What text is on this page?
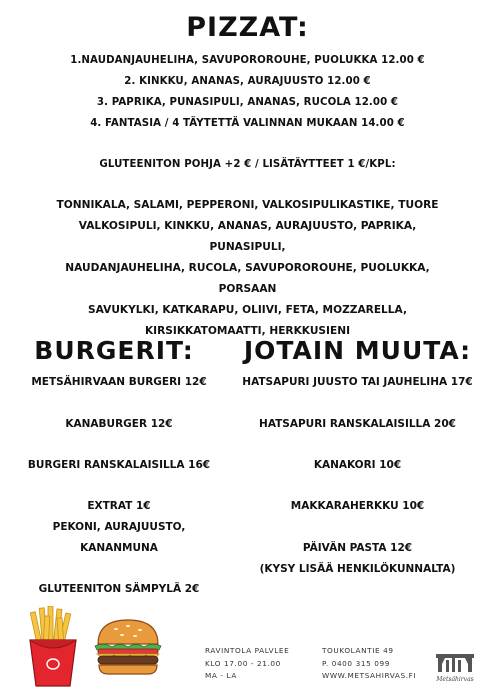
PIZZAT:
1.NAUDANJAUHELIHA, SAVUPOROROUHE, PUOLUKKA 12.00 €
2. KINKKU, ANANAS, AURAJUUSTO 12.00 €
3. PAPRIKA, PUNASIPULI, ANANAS, RUCOLA 12.00 €
4. FANTASIA / 4 TÄYTETTÄ VALINNAN MUKAAN 14.00 €
GLUTEENITON POHJA +2 € / LISÄTÄYTTEET 1 €/KPL:
TONNIKALA, SALAMI, PEPPERONI, VALKOSIPULIKASTIKE, TUORE
VALKOSIPULI, KINKKU, ANANAS, AURAJUUSTO, PAPRIKA, PUNASIPULI,
NAUDANJAUHELIHA, RUCOLA, SAVUPOROROUHE, PUOLUKKA, PORSAAN
SAVUKYLKI, KATKARAPU, OLIIVI, FETA, MOZZARELLA,
KIRSIKKATOMAATTI, HERKKUSIENI
BURGERIT:	JOTAIN MUUTA:
METSÄHIRVAAN BURGERI 12€
KANABURGER 12€
BURGERI RANSKALAISILLA 16€
EXTRAT 1€
PEKONI, AURAJUUSTO,
KANANMUNA
GLUTEENITON SÄMPYLÄ 2€
HATSAPURI JUUSTO TAI JAUHELIHA 17€
HATSAPURI RANSKALAISILLA 20€
KANAKORI 10€
MAKKARAHERKKU 10€
PÄIVÄN PASTA 12€
(KYSY LISÄÄ HENKILÖKUNNALTA)
RAVINTOLA PALVLEE
KLO 17.00 - 21.00
MA - LA
TOUKOLANTIE 49
P. 0400 315 099
WWW.METSAHIRVAS.FI	Metsähirvas
